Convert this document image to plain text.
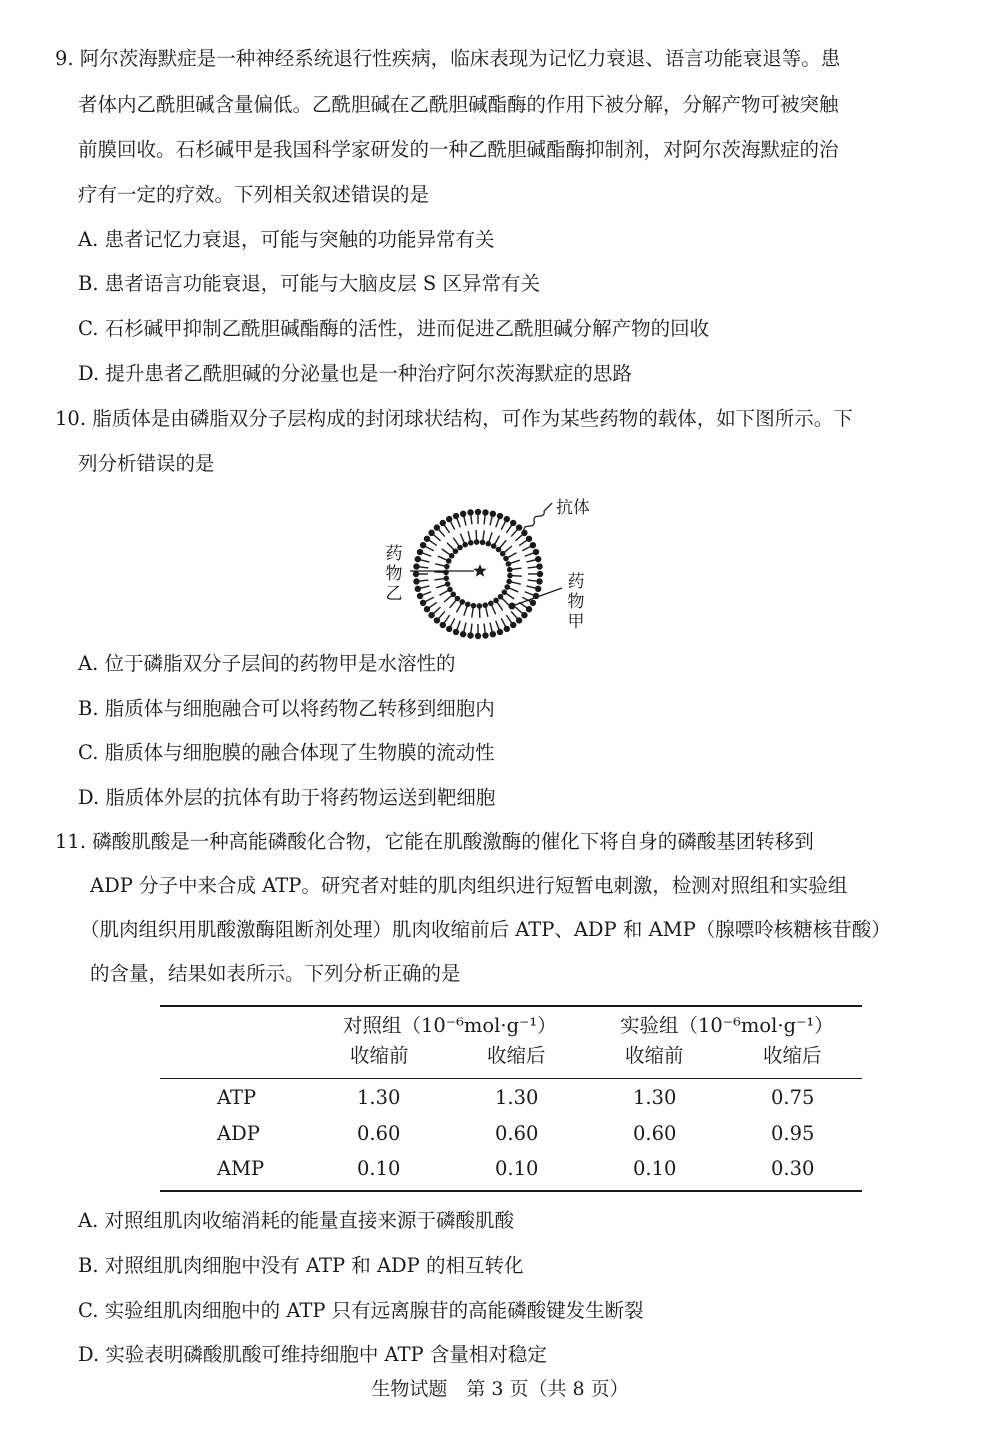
9. 阿尔茨海默症是一种神经系统退行性疾病，临床表现为记忆力衰退、语言功能衰退等。患
者体内乙酰胆碱含量偏低。乙酰胆碱在乙酰胆碱酯酶的作用下被分解，分解产物可被突触
前膜回收。石杉碱甲是我国科学家研发的一种乙酰胆碱酯酶抑制剂，对阿尔茨海默症的治
疗有一定的疗效。下列相关叙述错误的是
A. 患者记忆力衰退，可能与突触的功能异常有关
B. 患者语言功能衰退，可能与大脑皮层 S 区异常有关
C. 石杉碱甲抑制乙酰胆碱酯酶的活性，进而促进乙酰胆碱分解产物的回收
D. 提升患者乙酰胆碱的分泌量也是一种治疗阿尔茨海默症的思路
10. 脂质体是由磷脂双分子层构成的封闭球状结构，可作为某些药物的载体，如下图所示。下
列分析错误的是
抗体
药物乙
药物甲
A. 位于磷脂双分子层间的药物甲是水溶性的
B. 脂质体与细胞融合可以将药物乙转移到细胞内
C. 脂质体与细胞膜的融合体现了生物膜的流动性
D. 脂质体外层的抗体有助于将药物运送到靶细胞
11. 磷酸肌酸是一种高能磷酸化合物，它能在肌酸激酶的催化下将自身的磷酸基团转移到
ADP 分子中来合成 ATP。研究者对蛙的肌肉组织进行短暂电刺激，检测对照组和实验组
（肌肉组织用肌酸激酶阻断剂处理）肌肉收缩前后 ATP、ADP 和 AMP（腺嘌呤核糖核苷酸）
的含量，结果如表所示。下列分析正确的是
对照组（10⁻⁶mol·g⁻¹）	实验组（10⁻⁶mol·g⁻¹）
收缩前	收缩后	收缩前	收缩后
ATP	1.30	1.30	1.30	0.75
ADP	0.60	0.60	0.60	0.95
AMP	0.10	0.10	0.10	0.30
A. 对照组肌肉收缩消耗的能量直接来源于磷酸肌酸
B. 对照组肌肉细胞中没有 ATP 和 ADP 的相互转化
C. 实验组肌肉细胞中的 ATP 只有远离腺苷的高能磷酸键发生断裂
D. 实验表明磷酸肌酸可维持细胞中 ATP 含量相对稳定
生物试题　第 3 页（共 8 页）
